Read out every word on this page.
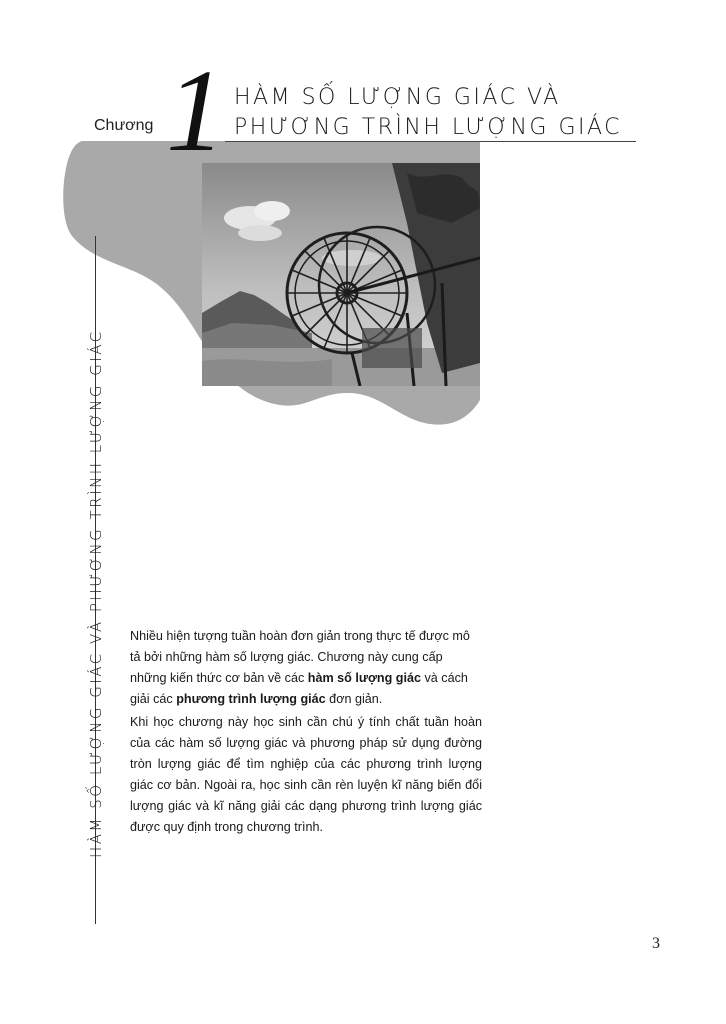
Chương 1 HÀM SỐ LƯỢNG GIÁC VÀ
PHƯƠNG TRÌNH LƯỢNG GIÁC
HÀM SỐ LƯỢNG GIÁC VÀ PHƯƠNG TRÌNH LƯỢNG GIÁC Nhiều hiện tượng tuần hoàn đơn giản trong thực tế được mô tả bởi những hàm số lượng giác. Chương này cung cấp những kiến thức cơ bản về các hàm số lượng giác và cách giải các phương trình lượng giác đơn giản.

Khi học chương này học sinh cần chú ý tính chất tuần hoàn của các hàm số lượng giác và phương pháp sử dụng đường tròn lượng giác để tìm nghiệp của các phương trình lượng giác cơ bản. Ngoài ra, học sinh cần rèn luyện kĩ năng biến đổi lượng giác và kĩ năng giải các dạng phương trình lượng giác được quy định trong chương trình.

3
